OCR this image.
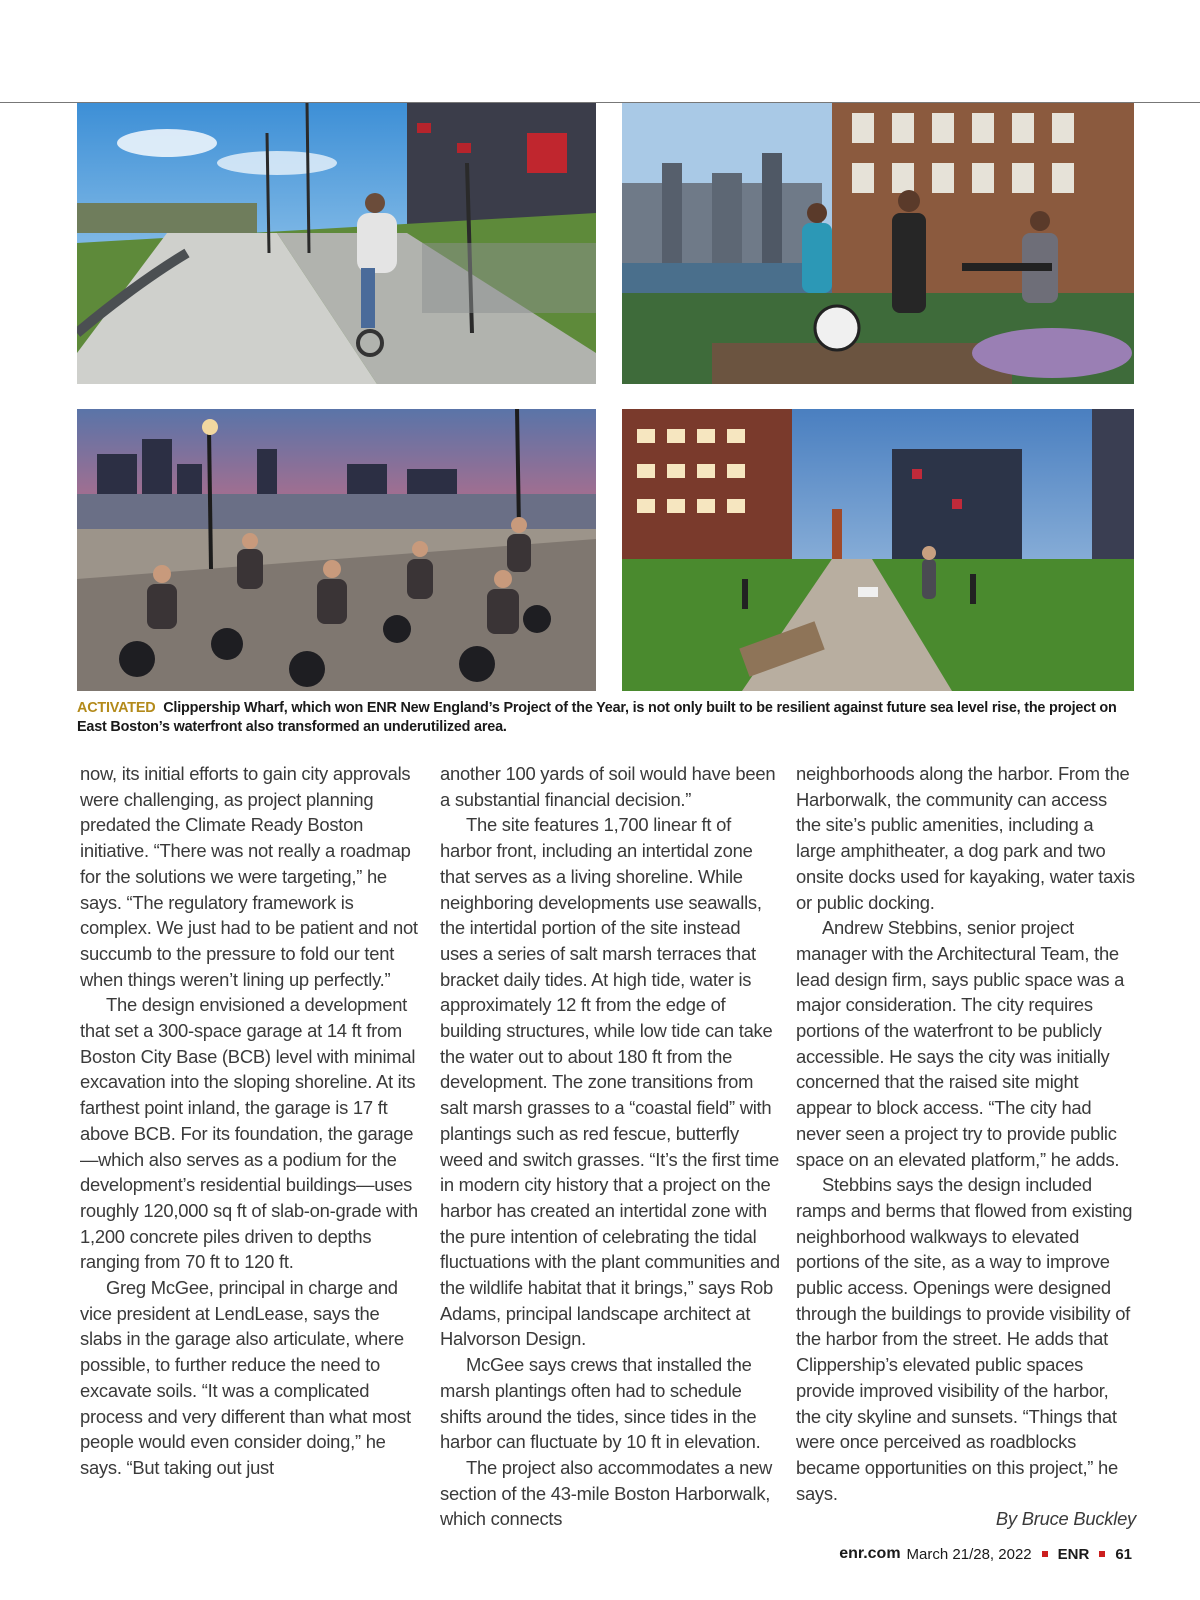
ACTIVATED Clippership Wharf, which won ENR New England’s Project of the Year, is not only built to be resilient against future sea level rise, the project on East Boston’s waterfront also transformed an underutilized area.

now, its initial efforts to gain city approvals were challenging, as project planning predated the Climate Ready Boston initiative. “There was not really a roadmap for the solutions we were targeting,” he says. “The regulatory framework is complex. We just had to be patient and not succumb to the pressure to fold our tent when things weren’t lining up perfectly.”

The design envisioned a development that set a 300-space garage at 14 ft from Boston City Base (BCB) level with minimal excavation into the sloping shoreline. At its farthest point inland, the garage is 17 ft above BCB. For its foundation, the garage—which also serves as a podium for the development’s residential buildings—uses roughly 120,000 sq ft of slab-on-grade with 1,200 concrete piles driven to depths ranging from 70 ft to 120 ft.

Greg McGee, principal in charge and vice president at LendLease, says the slabs in the garage also articulate, where possible, to further reduce the need to excavate soils. “It was a complicated process and very different than what most people would even consider doing,” he says. “But taking out just

another 100 yards of soil would have been a substantial financial decision.”

The site features 1,700 linear ft of harbor front, including an intertidal zone that serves as a living shoreline. While neighboring developments use seawalls, the intertidal portion of the site instead uses a series of salt marsh terraces that bracket daily tides. At high tide, water is approximately 12 ft from the edge of building structures, while low tide can take the water out to about 180 ft from the development. The zone transitions from salt marsh grasses to a “coastal field” with plantings such as red fescue, butterfly weed and switch grasses. “It’s the first time in modern city history that a project on the harbor has created an intertidal zone with the pure intention of celebrating the tidal fluctuations with the plant communities and the wildlife habitat that it brings,” says Rob Adams, principal landscape architect at Halvorson Design.

McGee says crews that installed the marsh plantings often had to schedule shifts around the tides, since tides in the harbor can fluctuate by 10 ft in elevation.

The project also accommodates a new section of the 43-mile Boston Harborwalk, which connects

neighborhoods along the harbor. From the Harborwalk, the community can access the site’s public amenities, including a large amphitheater, a dog park and two onsite docks used for kayaking, water taxis or public docking.

Andrew Stebbins, senior project manager with the Architectural Team, the lead design firm, says public space was a major consideration. The city requires portions of the waterfront to be publicly accessible. He says the city was initially concerned that the raised site might appear to block access. “The city had never seen a project try to provide public space on an elevated platform,” he adds.

Stebbins says the design included ramps and berms that flowed from existing neighborhood walkways to elevated portions of the site, as a way to improve public access. Openings were designed through the buildings to provide visibility of the harbor from the street. He adds that Clippership’s elevated public spaces provide improved visibility of the harbor, the city skyline and sunsets. “Things that were once perceived as roadblocks became opportunities on this project,” he says.

By Bruce Buckley

enr.com March 21/28, 2022 ENR 61
